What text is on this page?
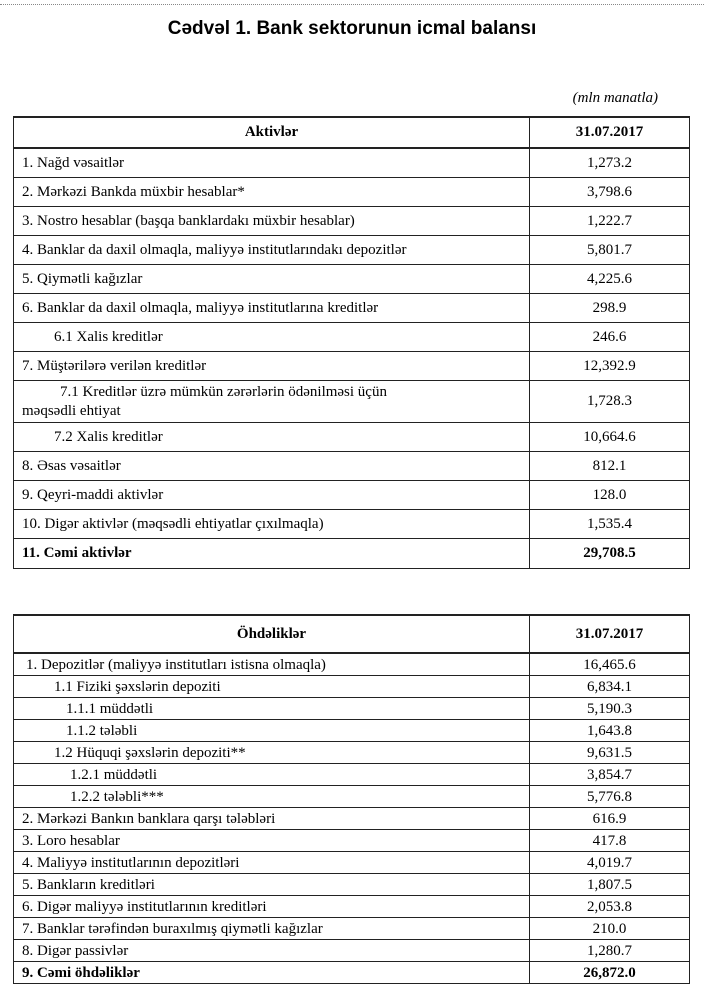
Cədvəl 1. Bank sektorunun icmal balansı
(mln manatla)
Aktivlər	31.07.2017
1. Nağd vəsaitlər	1,273.2
2. Mərkəzi Bankda müxbir hesablar*	3,798.6
3. Nostro hesablar (başqa banklardakı müxbir hesablar)	1,222.7
4. Banklar da daxil olmaqla, maliyyə institutlarındakı depozitlər	5,801.7
5. Qiymətli kağızlar	4,225.6
6. Banklar da daxil olmaqla, maliyyə institutlarına kreditlər	298.9
6.1 Xalis kreditlər	246.6
7. Müştərilərə verilən kreditlər	12,392.9

7.1 Kreditlər üzrə mümkün zərərlərin ödənilməsi üçün
məqsədli ehtiyat	1,728.3
7.2 Xalis kreditlər	10,664.6
8. Əsas vəsaitlər	812.1
9. Qeyri-maddi aktivlər	128.0
10. Digər aktivlər (məqsədli ehtiyatlar çıxılmaqla)	1,535.4
11. Cəmi aktivlər	29,708.5
Öhdəliklər	31.07.2017
1. Depozitlər (maliyyə institutları istisna olmaqla)	16,465.6
1.1 Fiziki şəxslərin depoziti	6,834.1
1.1.1 müddətli	5,190.3
1.1.2 tələbli	1,643.8
1.2 Hüquqi şəxslərin depoziti**	9,631.5
1.2.1 müddətli	3,854.7
1.2.2 tələbli***	5,776.8
2. Mərkəzi Bankın banklara qarşı tələbləri	616.9
3. Loro hesablar	417.8
4. Maliyyə institutlarının depozitləri	4,019.7
5. Bankların kreditləri	1,807.5
6. Digər maliyyə institutlarının kreditləri	2,053.8
7. Banklar tərəfindən buraxılmış qiymətli kağızlar	210.0
8. Digər passivlər	1,280.7
9. Cəmi öhdəliklər	26,872.0
